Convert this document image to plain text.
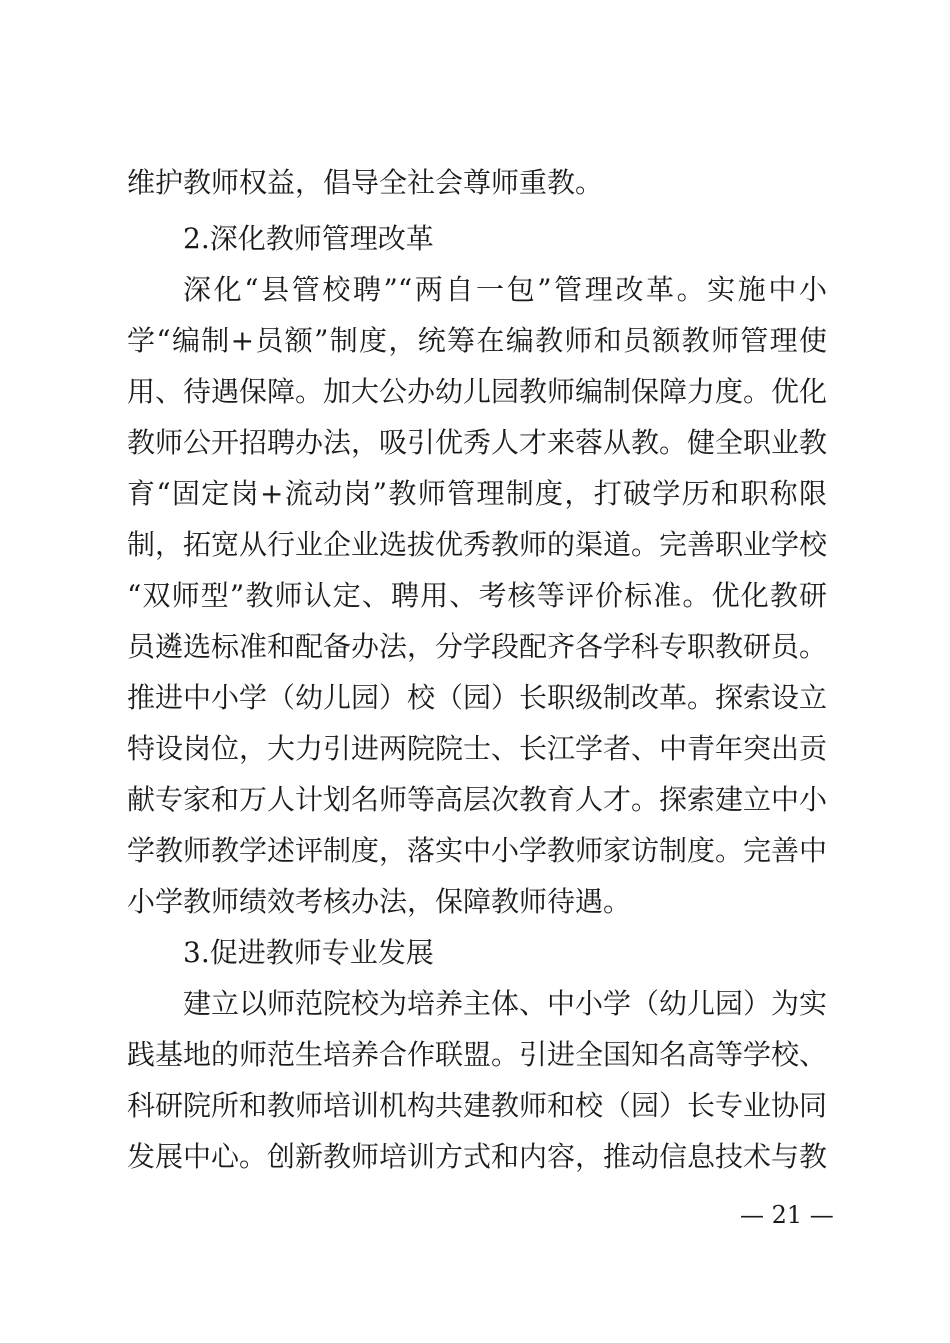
维护教师权益，倡导全社会尊师重教。
2.深化教师管理改革
深化“县管校聘”“两自一包”管理改革。实施中小
学“编制+员额”制度，统筹在编教师和员额教师管理使
用、待遇保障。加大公办幼儿园教师编制保障力度。优化
教师公开招聘办法，吸引优秀人才来蓉从教。健全职业教
育“固定岗+流动岗”教师管理制度，打破学历和职称限
制，拓宽从行业企业选拔优秀教师的渠道。完善职业学校
“双师型”教师认定、聘用、考核等评价标准。优化教研
员遴选标准和配备办法，分学段配齐各学科专职教研员。
推进中小学（幼儿园）校（园）长职级制改革。探索设立
特设岗位，大力引进两院院士、长江学者、中青年突出贡
献专家和万人计划名师等高层次教育人才。探索建立中小
学教师教学述评制度，落实中小学教师家访制度。完善中
小学教师绩效考核办法，保障教师待遇。
3.促进教师专业发展
建立以师范院校为培养主体、中小学（幼儿园）为实
践基地的师范生培养合作联盟。引进全国知名高等学校、
科研院所和教师培训机构共建教师和校（园）长专业协同
发展中心。创新教师培训方式和内容，推动信息技术与教
— 21 —
